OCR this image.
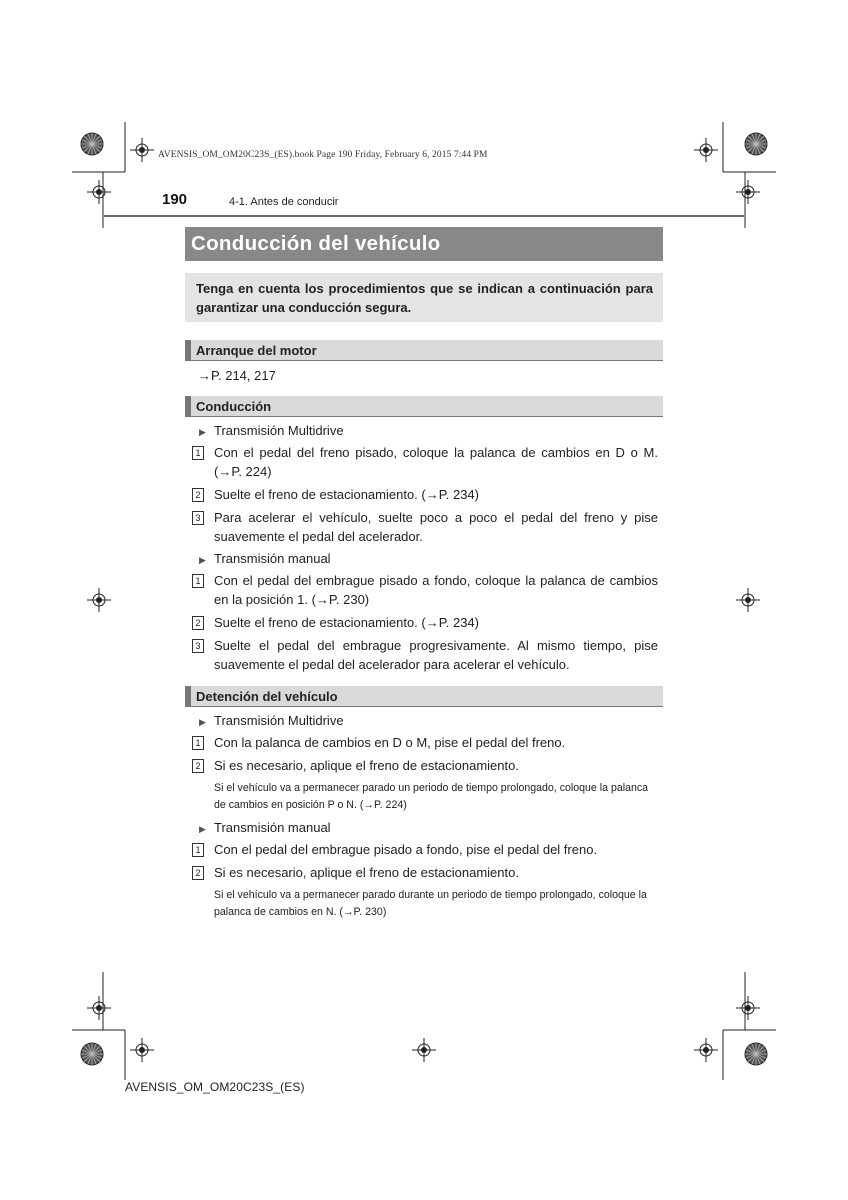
AVENSIS_OM_OM20C23S_(ES).book Page 190 Friday, February 6, 2015 7:44 PM
190	4-1. Antes de conducir
Conducción del vehículo
Tenga en cuenta los procedimientos que se indican a continuación para garantizar una conducción segura.
Arranque del motor
→P. 214, 217
Conducción
▶ Transmisión Multidrive
1 Con el pedal del freno pisado, coloque la palanca de cambios en D o M. (→P. 224)
2 Suelte el freno de estacionamiento. (→P. 234)
3 Para acelerar el vehículo, suelte poco a poco el pedal del freno y pise suavemente el pedal del acelerador.
▶ Transmisión manual
1 Con el pedal del embrague pisado a fondo, coloque la palanca de cambios en la posición 1. (→P. 230)
2 Suelte el freno de estacionamiento. (→P. 234)
3 Suelte el pedal del embrague progresivamente. Al mismo tiempo, pise suavemente el pedal del acelerador para acelerar el vehículo.
Detención del vehículo
▶ Transmisión Multidrive
1 Con la palanca de cambios en D o M, pise el pedal del freno.
2 Si es necesario, aplique el freno de estacionamiento.
Si el vehículo va a permanecer parado un periodo de tiempo prolongado, coloque la palanca de cambios en posición P o N. (→P. 224)
▶ Transmisión manual
1 Con el pedal del embrague pisado a fondo, pise el pedal del freno.
2 Si es necesario, aplique el freno de estacionamiento.
Si el vehículo va a permanecer parado durante un periodo de tiempo prolongado, coloque la palanca de cambios en N. (→P. 230)
AVENSIS_OM_OM20C23S_(ES)
